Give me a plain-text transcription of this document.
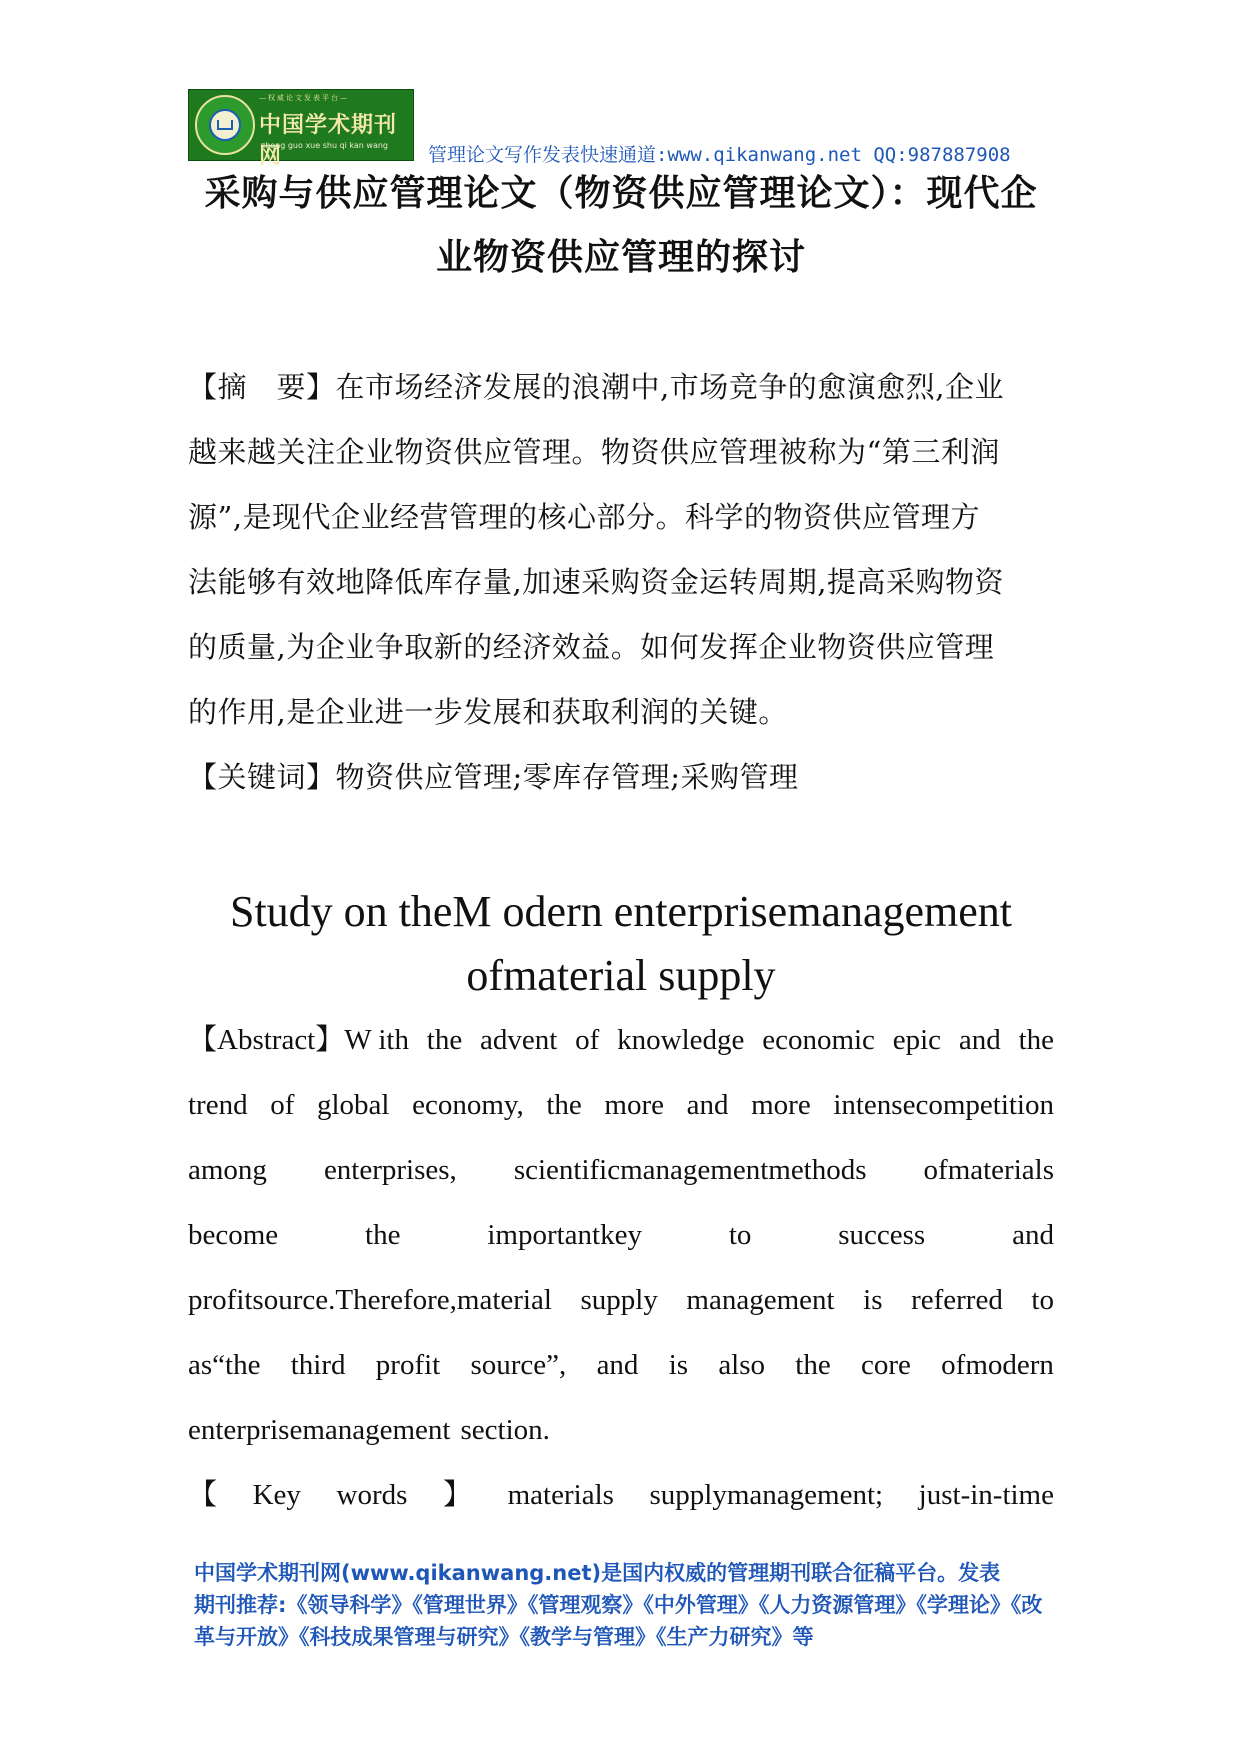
—权威论文发表平台—
中国学术期刊网
zhong guo xue shu qi kan wang 管理论文写作发表快速通道:www.qikanwang.net QQ:987887908
采购与供应管理论文（物资供应管理论文）：现代企
业物资供应管理的探讨
【摘　要】在市场经济发展的浪潮中,市场竞争的愈演愈烈,企业
越来越关注企业物资供应管理。物资供应管理被称为“第三利润
源”,是现代企业经营管理的核心部分。科学的物资供应管理方
法能够有效地降低库存量,加速采购资金运转周期,提高采购物资
的质量,为企业争取新的经济效益。如何发挥企业物资供应管理
的作用,是企业进一步发展和获取利润的关键。
【关键词】物资供应管理;零库存管理;采购管理
Study on theM odern enterprisemanagement
ofmaterial supply
【Abstract】W ith the advent of knowledge economic epic and the
trend of global economy, the more and more intensecompetition
among enterprises, scientificmanagementmethods ofmaterials
become	the	importantkey	to	success	and
profitsource.Therefore,material supply management is referred to
as“the third profit source”, and is also the core ofmodern
enterprisemanagement section.
【 Key words 】 materials supplymanagement; just-in-time
中国学术期刊网(www.qikanwang.net)是国内权威的管理期刊联合征稿平台。发表
期刊推荐:《领导科学》《管理世界》《管理观察》《中外管理》《人力资源管理》《学理论》《改
革与开放》《科技成果管理与研究》《教学与管理》《生产力研究》等
